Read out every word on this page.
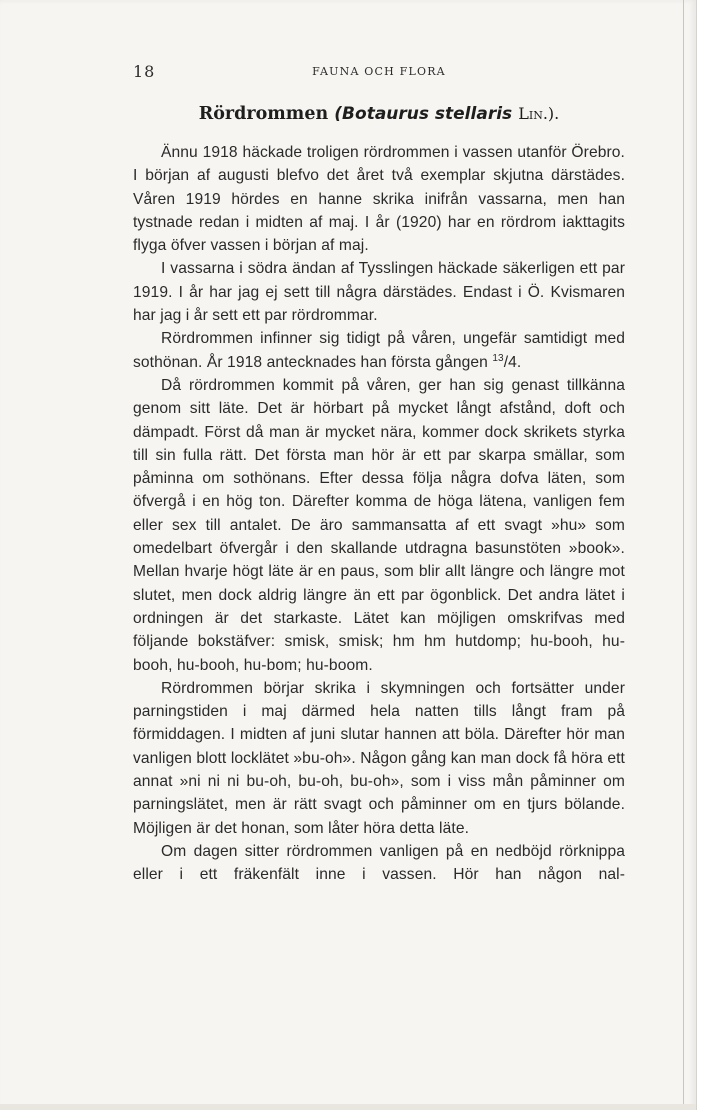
18	FAUNA OCH FLORA
Rördrommen (Botaurus stellaris Lin.).

Ännu 1918 häckade troligen rördrommen i vassen utanför Örebro. I början af augusti blefvo det året två exemplar skjutna därstädes. Våren 1919 hördes en hanne skrika inifrån vassarna, men han tystnade redan i midten af maj. I år (1920) har en rördrom iakttagits flyga öfver vassen i början af maj.

I vassarna i södra ändan af Tysslingen häckade säkerligen ett par 1919. I år har jag ej sett till några därstädes. Endast i Ö. Kvismaren har jag i år sett ett par rördrommar.

Rördrommen infinner sig tidigt på våren, ungefär samtidigt med sothönan. År 1918 antecknades han första gången $^{13}$/4.

Då rördrommen kommit på våren, ger han sig genast tillkänna genom sitt läte. Det är hörbart på mycket långt afstånd, doft och dämpadt. Först då man är mycket nära, kommer dock skrikets styrka till sin fulla rätt. Det första man hör är ett par skarpa smällar, som påminna om sothönans. Efter dessa följa några dofva läten, som öfvergå i en hög ton. Därefter komma de höga lätena, vanligen fem eller sex till antalet. De äro sammansatta af ett svagt »hu» som omedelbart öfvergår i den skallande utdragna basunstöten »book». Mellan hvarje högt läte är en paus, som blir allt längre och längre mot slutet, men dock aldrig längre än ett par ögonblick. Det andra lätet i ordningen är det starkaste. Lätet kan möjligen omskrifvas med följande bokstäfver: smisk, smisk; hm hm hutdomp; hu-booh, hu-booh, hu-booh, hu-bom; hu-boom.

Rördrommen börjar skrika i skymningen och fortsätter under parningstiden i maj därmed hela natten tills långt fram på förmiddagen. I midten af juni slutar hannen att böla. Därefter hör man vanligen blott locklätet »bu-oh». Någon gång kan man dock få höra ett annat »ni ni ni bu-oh, bu-oh, bu-oh», som i viss mån påminner om parningslätet, men är rätt svagt och påminner om en tjurs bölande. Möjligen är det honan, som låter höra detta läte.

Om dagen sitter rördrommen vanligen på en nedböjd rörknippa eller i ett fräkenfält inne i vassen. Hör han någon nal-
